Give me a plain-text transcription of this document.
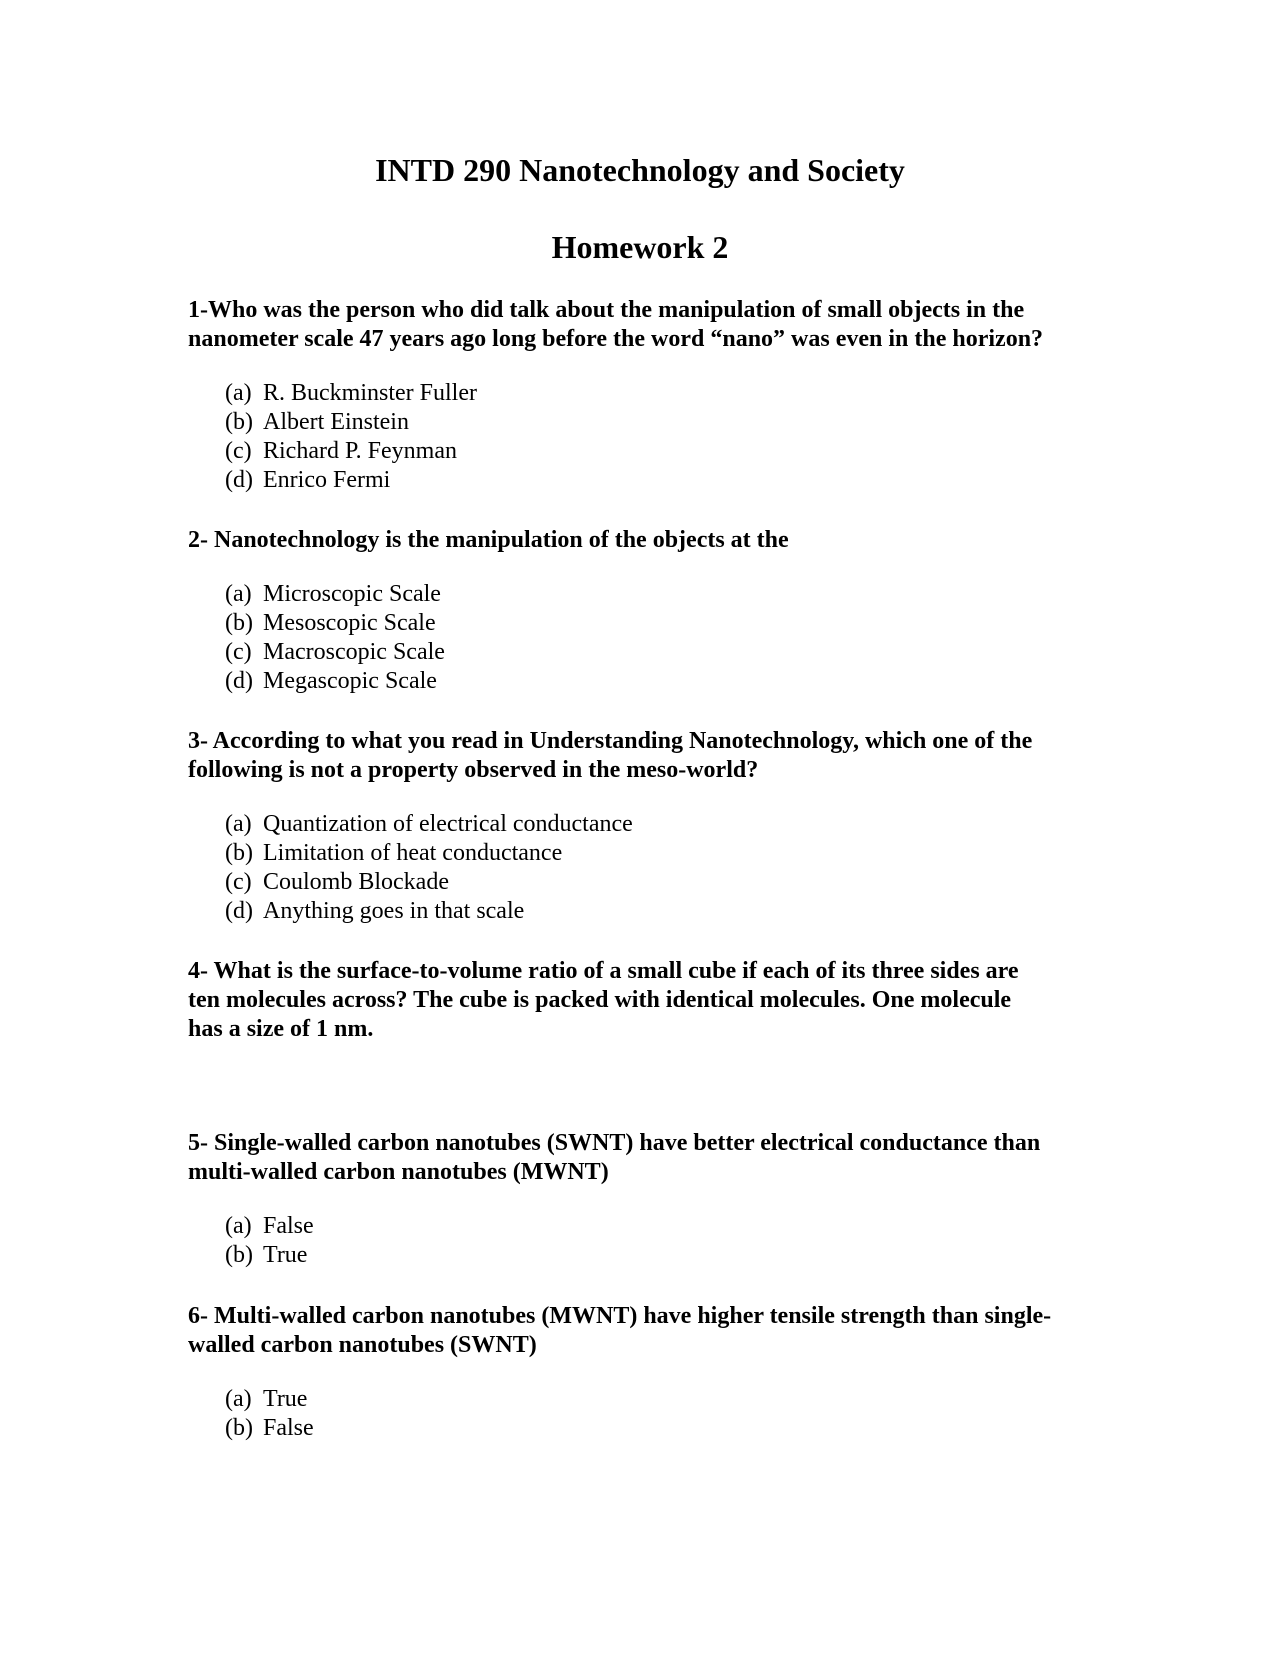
INTD 290 Nanotechnology and Society
Homework 2

1-Who was the person who did talk about the manipulation of small objects in the
nanometer scale 47 years ago long before the word “nano” was even in the horizon?

(a) R. Buckminster Fuller
(b) Albert Einstein
(c) Richard P. Feynman
(d) Enrico Fermi

2- Nanotechnology is the manipulation of the objects at the

(a) Microscopic Scale
(b) Mesoscopic Scale
(c) Macroscopic Scale
(d) Megascopic Scale

3- According to what you read in Understanding Nanotechnology, which one of the
following is not a property observed in the meso-world?

(a) Quantization of electrical conductance
(b) Limitation of heat conductance
(c) Coulomb Blockade
(d) Anything goes in that scale

4- What is the surface-to-volume ratio of a small cube if each of its three sides are
ten molecules across? The cube is packed with identical molecules. One molecule
has a size of 1 nm.

5- Single-walled carbon nanotubes (SWNT) have better electrical conductance than
multi-walled carbon nanotubes (MWNT)

(a) False
(b) True

6- Multi-walled carbon nanotubes (MWNT) have higher tensile strength than single-
walled carbon nanotubes (SWNT)

(a) True
(b) False
